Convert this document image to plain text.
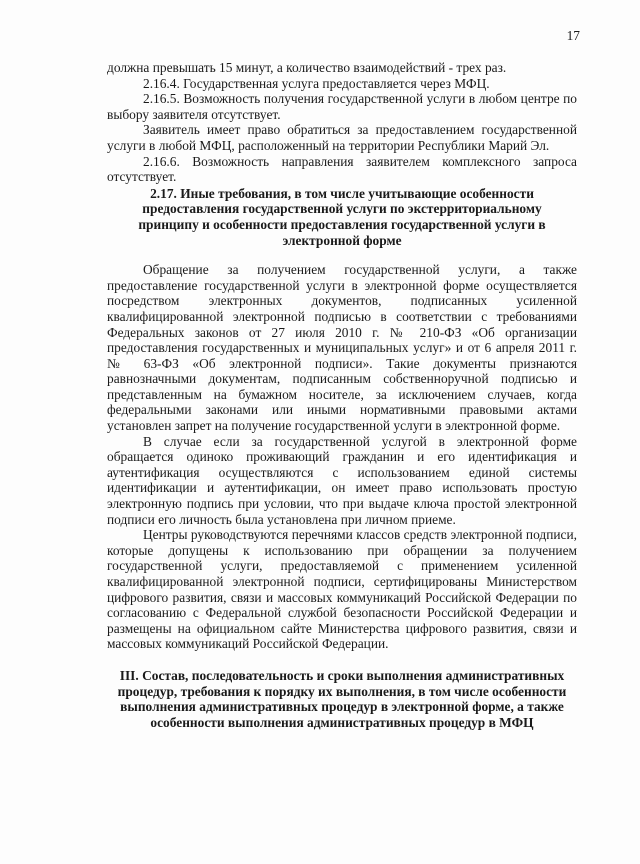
17

должна превышать 15 минут, а количество взаимодействий - трех раз.

2.16.4. Государственная услуга предоставляется через МФЦ.

2.16.5. Возможность получения государственной услуги в любом центре по выбору заявителя отсутствует.

Заявитель имеет право обратиться за предоставлением государственной услуги в любой МФЦ, расположенный на территории Республики Марий Эл.

2.16.6. Возможность направления заявителем комплексного запроса отсутствует.

2.17. Иные требования, в том числе учитывающие особенности предоставления государственной услуги по экстерриториальному принципу и особенности предоставления государственной услуги в электронной форме

Обращение за получением государственной услуги, а также предоставление государственной услуги в электронной форме осуществляется посредством электронных документов, подписанных усиленной квалифицированной электронной подписью в соответствии с требованиями Федеральных законов от 27 июля 2010 г. № 210-ФЗ «Об организации предоставления государственных и муниципальных услуг» и от 6 апреля 2011 г. № 63-ФЗ «Об электронной подписи». Такие документы признаются равнозначными документам, подписанным собственноручной подписью и представленным на бумажном носителе, за исключением случаев, когда федеральными законами или иными нормативными правовыми актами установлен запрет на получение государственной услуги в электронной форме.

В случае если за государственной услугой в электронной форме обращается одиноко проживающий гражданин и его идентификация и аутентификация осуществляются с использованием единой системы идентификации и аутентификации, он имеет право использовать простую электронную подпись при условии, что при выдаче ключа простой электронной подписи его личность была установлена при личном приеме.

Центры руководствуются перечнями классов средств электронной подписи, которые допущены к использованию при обращении за получением государственной услуги, предоставляемой с применением усиленной квалифицированной электронной подписи, сертифицированы Министерством цифрового развития, связи и массовых коммуникаций Российской Федерации по согласованию с Федеральной службой безопасности Российской Федерации и размещены на официальном сайте Министерства цифрового развития, связи и массовых коммуникаций Российской Федерации.

III. Состав, последовательность и сроки выполнения административных процедур, требования к порядку их выполнения, в том числе особенности выполнения административных процедур в электронной форме, а также особенности выполнения административных процедур в МФЦ
